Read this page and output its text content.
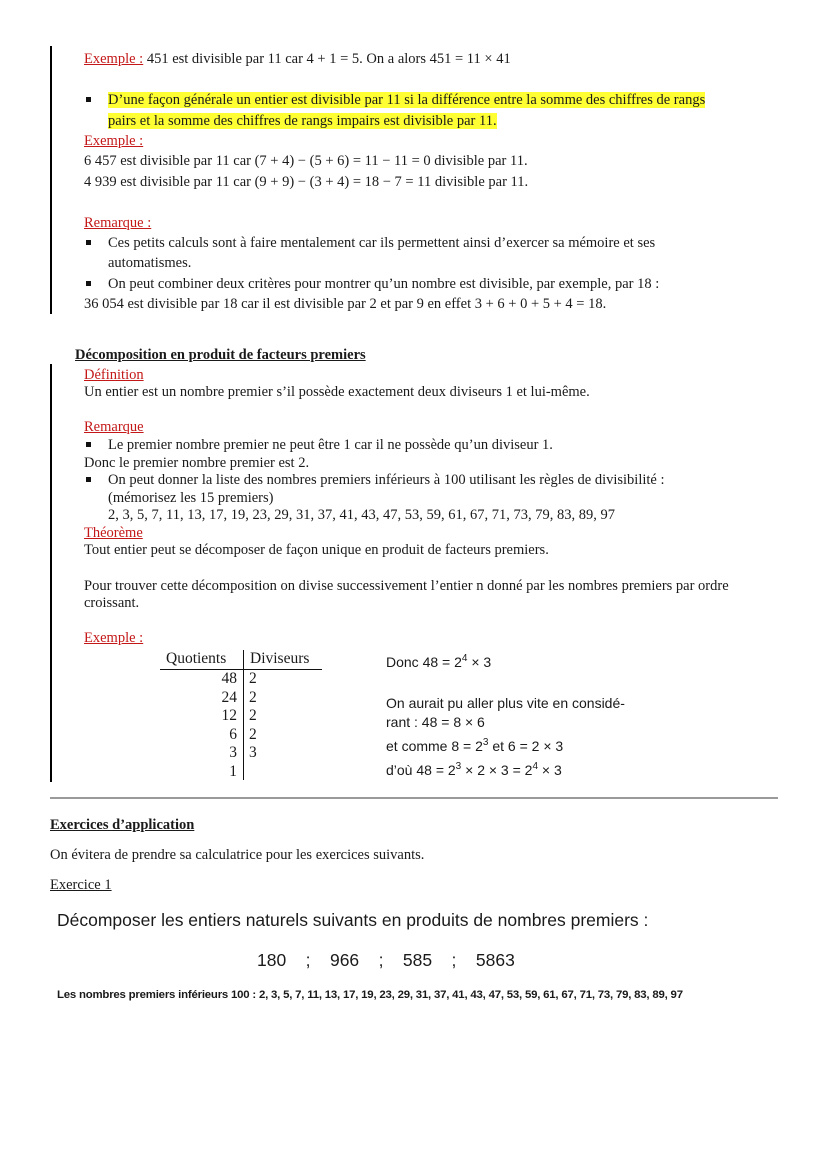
Exemple : 451 est divisible par 11 car 4 + 1 = 5. On a alors 451 = 11 × 41
D’une façon générale un entier est divisible par 11 si la différence entre la somme des chiffres de rangs
pairs et la somme des chiffres de rangs impairs est divisible par 11.
Exemple :
6 457 est divisible par 11 car (7 + 4) − (5 + 6) = 11 − 11 = 0 divisible par 11.
4 939 est divisible par 11 car (9 + 9) − (3 + 4) = 18 − 7 = 11 divisible par 11.
Remarque :
Ces petits calculs sont à faire mentalement car ils permettent ainsi d’exercer sa mémoire et ses
automatismes.
On peut combiner deux critères pour montrer qu’un nombre est divisible, par exemple, par 18 :
36 054 est divisible par 18 car il est divisible par 2 et par 9 en effet 3 + 6 + 0 + 5 + 4 = 18.
Décomposition en produit de facteurs premiers
Définition
Un entier est un nombre premier s’il possède exactement deux diviseurs 1 et lui-même.
Remarque
Le premier nombre premier ne peut être 1 car il ne possède qu’un diviseur 1.
Donc le premier nombre premier est 2.
On peut donner la liste des nombres premiers inférieurs à 100 utilisant les règles de divisibilité :
(mémorisez les 15 premiers)
2, 3, 5, 7, 11, 13, 17, 19, 23, 29, 31, 37, 41, 43, 47, 53, 59, 61, 67, 71, 73, 79, 83, 89, 97
Théorème
Tout entier peut se décomposer de façon unique en produit de facteurs premiers.
Pour trouver cette décomposition on divise successivement l’entier n donné par les nombres premiers par ordre
croissant.
Exemple :
Quotients Diviseurs
48 2
24 2
12 2
6 2
3 3
1
Donc $48 = 2^4 \times 3$
On aurait pu aller plus vite en considé-
rant : 48 = 8 × 6
et comme $8 = 2^3$ et 6 = 2 × 3
d’où $48 = 2^3 \times 2 \times 3 = 2^4 \times 3$
Exercices d’application
On évitera de prendre sa calculatrice pour les exercices suivants.
Exercice 1
Décomposer les entiers naturels suivants en produits de nombres premiers :
180    ;    966    ;    585    ;    5863
Les nombres premiers inférieurs 100 : 2, 3, 5, 7, 11, 13, 17, 19, 23, 29, 31, 37, 41, 43, 47, 53, 59, 61, 67, 71, 73, 79, 83, 89, 97
